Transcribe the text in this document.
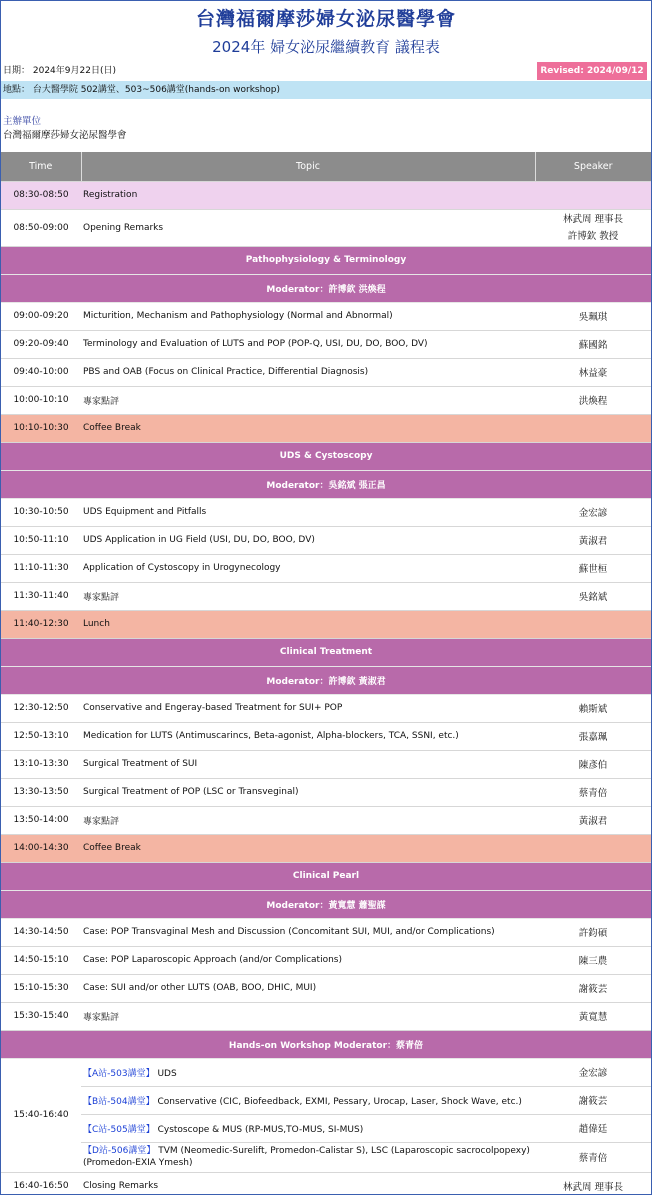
台灣福爾摩莎婦女泌尿醫學會
2024年 婦女泌尿繼續教育 議程表
日期： 2024年9月22日(日)	Revised: 2024/09/12
地點： 台大醫學院 502講堂、503~506講堂(hands-on workshop)
主辦單位
台灣福爾摩莎婦女泌尿醫學會
Time	Topic	Speaker
08:30-08:50	Registration	
08:50-09:00	Opening Remarks	林武周 理事長
許博欽 教授

Pathophysiology & Terminology		
Moderator：許博欽 洪煥程		
09:00-09:20	Micturition, Mechanism and Pathophysiology (Normal and Abnormal)	吳珮琪
09:20-09:40	Terminology and Evaluation of LUTS and POP (POP-Q, USI, DU, DO, BOO, DV)	蘇國銘
09:40-10:00	PBS and OAB (Focus on Clinical Practice, Differential Diagnosis)	林益豪
10:00-10:10	專家點評	洪煥程
10:10-10:30	Coffee Break	
UDS & Cystoscopy		
Moderator：吳銘斌 張正昌		
10:30-10:50	UDS Equipment and Pitfalls	金宏諺
10:50-11:10	UDS Application in UG Field (USI, DU, DO, BOO, DV)	黃淑君
11:10-11:30	Application of Cystoscopy in Urogynecology	蘇世桓
11:30-11:40	專家點評	吳銘斌
11:40-12:30	Lunch	
Clinical Treatment		
Moderator：許博欽 黃淑君		
12:30-12:50	Conservative and Engeray-based Treatment for SUI+ POP	賴斯斌
12:50-13:10	Medication for LUTS (Antimuscarincs, Beta-agonist, Alpha-blockers, TCA, SSNI, etc.)	張嘉珮
13:10-13:30	Surgical Treatment of SUI	陳彥伯
13:30-13:50	Surgical Treatment of POP (LSC or Transveginal)	蔡青倍
13:50-14:00	專家點評	黃淑君
14:00-14:30	Coffee Break	
Clinical Pearl		
Moderator：黃寬慧 蕭聖謀		
14:30-14:50	Case: POP Transvaginal Mesh and Discussion (Concomitant SUI, MUI, and/or Complications)	許鈞碩
14:50-15:10	Case: POP Laparoscopic Approach (and/or Complications)	陳三農
15:10-15:30	Case: SUI and/or other LUTS (OAB, BOO, DHIC, MUI)	謝筱芸
15:30-15:40	專家點評	黃寬慧
Hands-on Workshop Moderator：蔡青倍		
15:40-16:40	【A站-503講堂】 UDS	金宏諺
	【B站-504講堂】 Conservative (CIC, Biofeedback, EXMI, Pessary, Urocap, Laser, Shock Wave, etc.)	謝筱芸
	【C站-505講堂】 Cystoscope & MUS (RP-MUS,TO-MUS, SI-MUS)	趙偉廷
	【D站-506講堂】 TVM (Neomedic-Surelift, Promedon-Calistar S), LSC (Laparoscopic sacrocolpopexy) (Promedon-EXIA Ymesh)	蔡青倍
16:40-16:50	Closing Remarks	林武周 理事長
